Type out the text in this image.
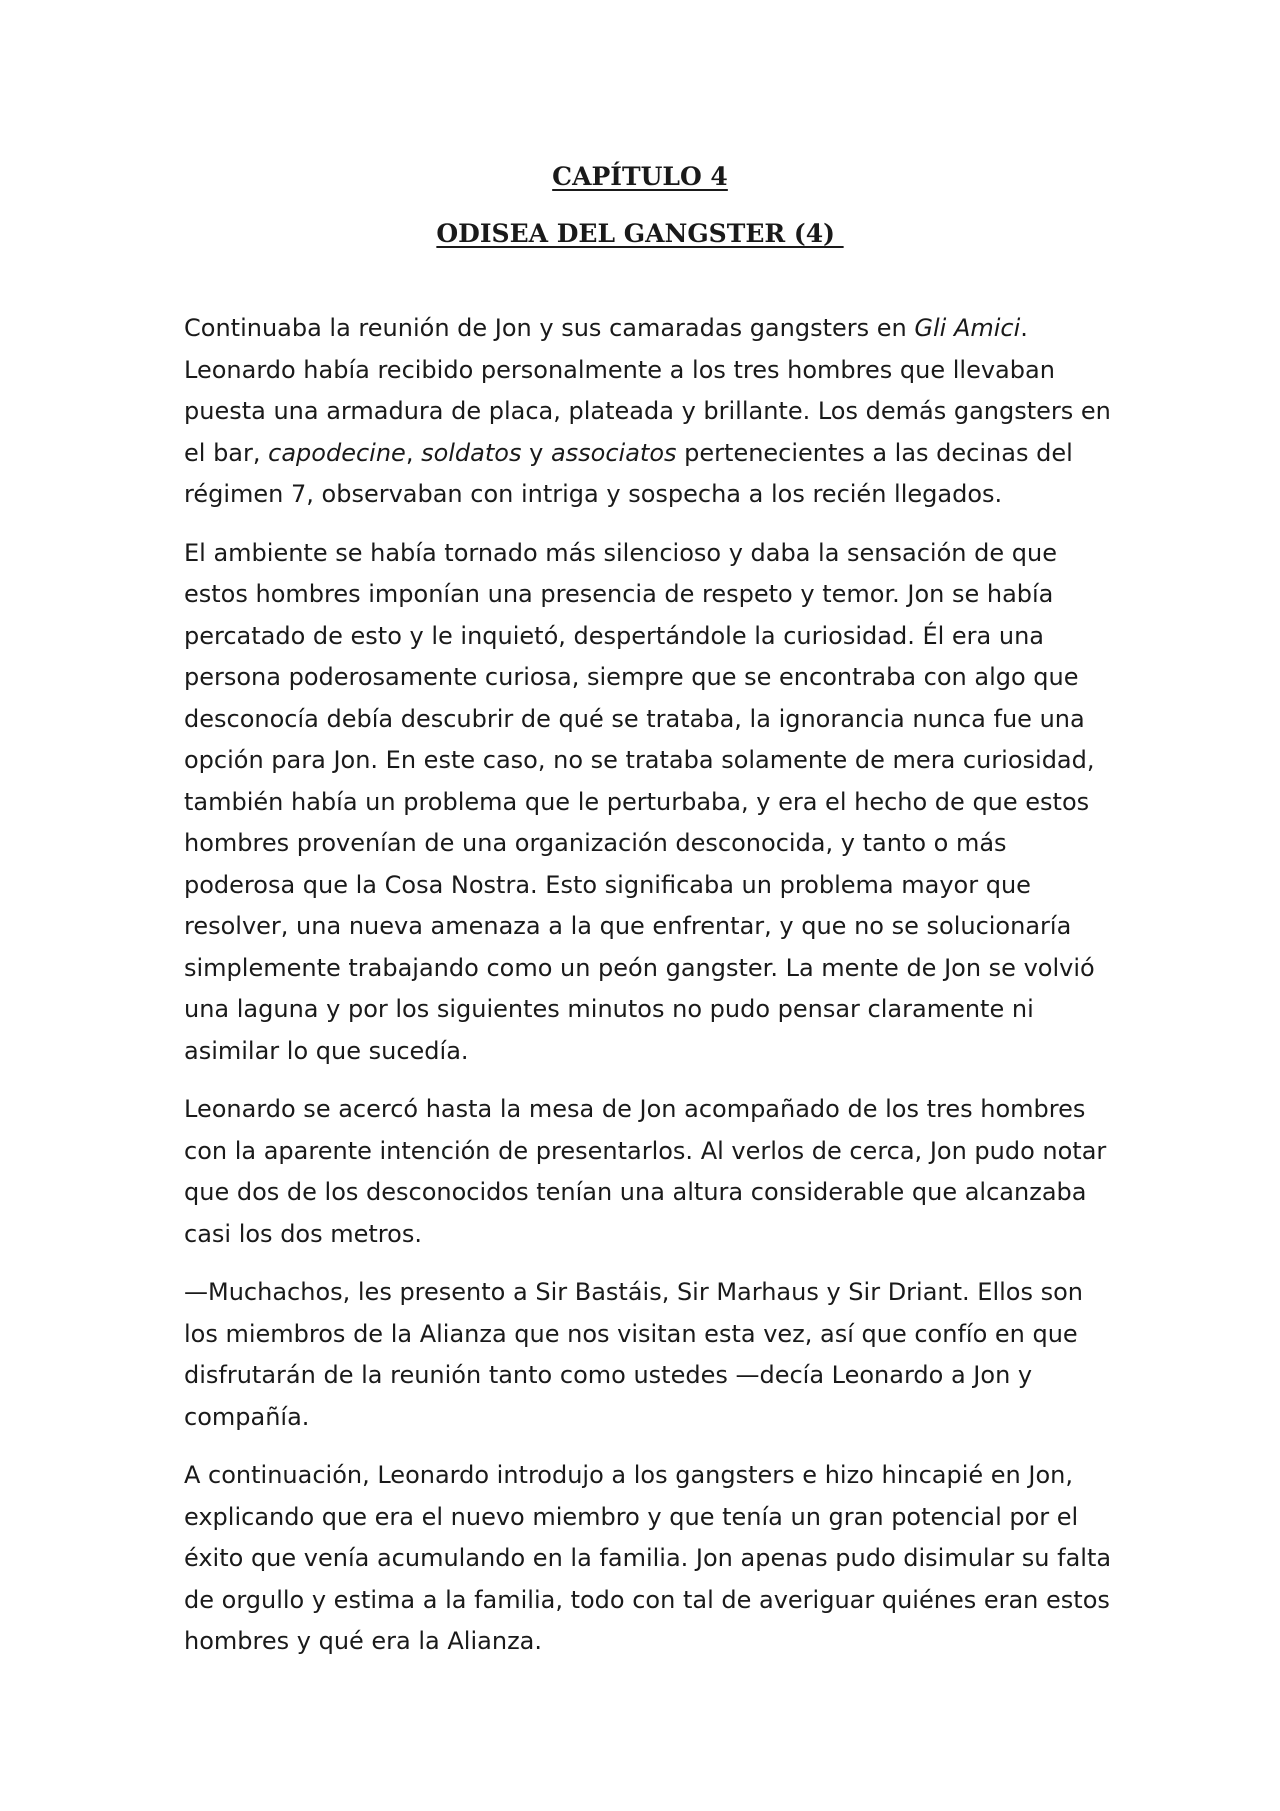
CAPÍTULO 4
ODISEA DEL GANGSTER (4)

Continuaba la reunión de Jon y sus camaradas gangsters en Gli Amici.
Leonardo había recibido personalmente a los tres hombres que llevaban
puesta una armadura de placa, plateada y brillante. Los demás gangsters en
el bar, capodecine, soldatos y associatos pertenecientes a las decinas del
régimen 7, observaban con intriga y sospecha a los recién llegados.

El ambiente se había tornado más silencioso y daba la sensación de que
estos hombres imponían una presencia de respeto y temor. Jon se había
percatado de esto y le inquietó, despertándole la curiosidad. Él era una
persona poderosamente curiosa, siempre que se encontraba con algo que
desconocía debía descubrir de qué se trataba, la ignorancia nunca fue una
opción para Jon. En este caso, no se trataba solamente de mera curiosidad,
también había un problema que le perturbaba, y era el hecho de que estos
hombres provenían de una organización desconocida, y tanto o más
poderosa que la Cosa Nostra. Esto significaba un problema mayor que
resolver, una nueva amenaza a la que enfrentar, y que no se solucionaría
simplemente trabajando como un peón gangster. La mente de Jon se volvió
una laguna y por los siguientes minutos no pudo pensar claramente ni
asimilar lo que sucedía.

Leonardo se acercó hasta la mesa de Jon acompañado de los tres hombres
con la aparente intención de presentarlos. Al verlos de cerca, Jon pudo notar
que dos de los desconocidos tenían una altura considerable que alcanzaba
casi los dos metros.

—Muchachos, les presento a Sir Bastáis, Sir Marhaus y Sir Driant. Ellos son
los miembros de la Alianza que nos visitan esta vez, así que confío en que
disfrutarán de la reunión tanto como ustedes —decía Leonardo a Jon y
compañía.

A continuación, Leonardo introdujo a los gangsters e hizo hincapié en Jon,
explicando que era el nuevo miembro y que tenía un gran potencial por el
éxito que venía acumulando en la familia. Jon apenas pudo disimular su falta
de orgullo y estima a la familia, todo con tal de averiguar quiénes eran estos
hombres y qué era la Alianza.
